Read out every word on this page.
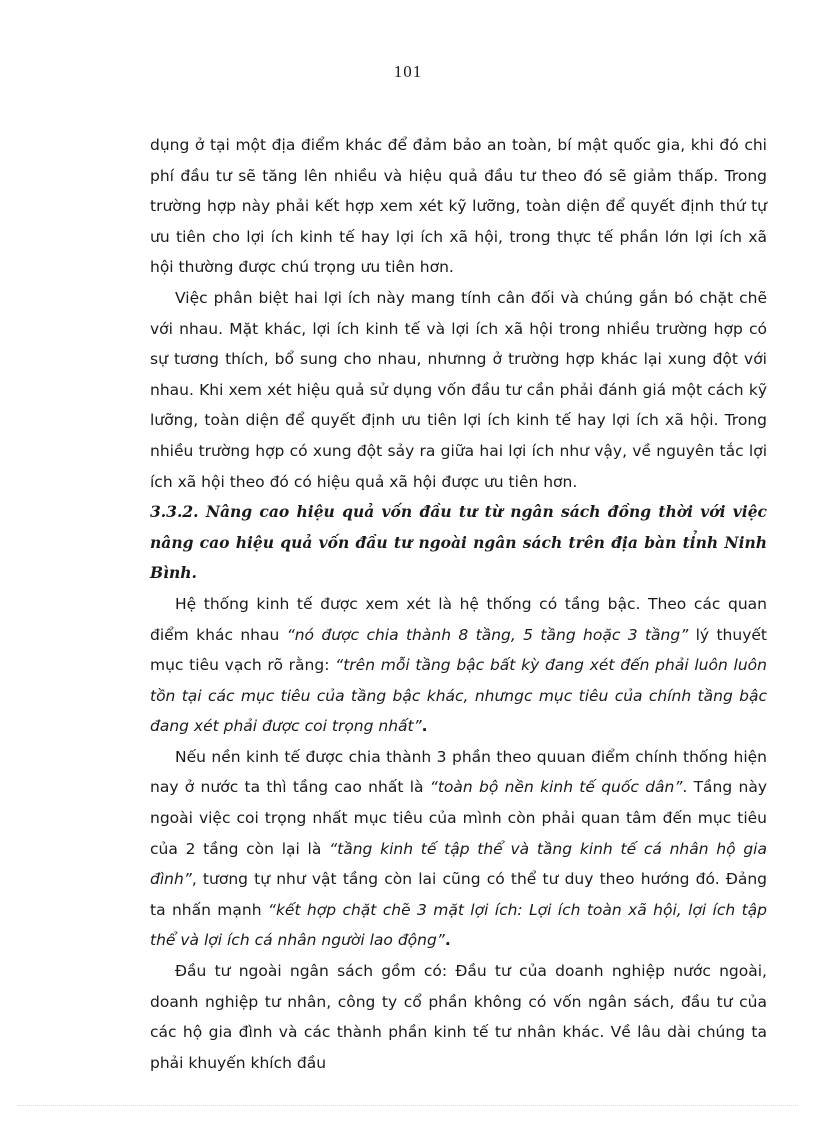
101

dụng ở tại một địa điểm khác để đảm bảo an toàn, bí mật quốc gia, khi đó chi phí đầu tư sẽ tăng lên nhiều và hiệu quả đầu tư theo đó sẽ giảm thấp. Trong trường hợp này phải kết hợp xem xét kỹ lưỡng, toàn diện để quyết định thứ tự ưu tiên cho lợi ích kinh tế hay lợi ích xã hội, trong thực tế phần lớn lợi ích xã hội thường được chú trọng ưu tiên hơn.

Việc phân biệt hai lợi ích này mang tính cân đối và chúng gắn bó chặt chẽ với nhau. Mặt khác, lợi ích kinh tế và lợi ích xã hội trong nhiều trường hợp có sự tương thích, bổ sung cho nhau, nhưnng ở trường hợp khác lại xung đột với nhau. Khi xem xét hiệu quả sử dụng vốn đầu tư cần phải đánh giá một cách kỹ lưỡng, toàn diện để quyết định ưu tiên lợi ích kinh tế hay lợi ích xã hội. Trong nhiều trường hợp có xung đột sảy ra giữa hai lợi ích như vậy, về nguyên tắc lợi ích xã hội theo đó có hiệu quả xã hội được ưu tiên hơn.

3.3.2. Nâng cao hiệu quả vốn đầu tư từ ngân sách đồng thời với việc nâng cao hiệu quả vốn đầu tư ngoài ngân sách trên địa bàn tỉnh Ninh Bình.

Hệ thống kinh tế được xem xét là hệ thống có tầng bậc. Theo các quan điểm khác nhau “nó được chia thành 8 tầng, 5 tầng hoặc 3 tầng” lý thuyết mục tiêu vạch rõ rằng: “trên mỗi tầng bậc bất kỳ đang xét đến phải luôn luôn tồn tại các mục tiêu của tầng bậc khác, nhưngc mục tiêu của chính tầng bậc đang xét phải được coi trọng nhất”.

Nếu nền kinh tế được chia thành 3 phần theo quuan điểm chính thống hiện nay ở nước ta thì tầng cao nhất là “toàn bộ nền kinh tế quốc dân”. Tầng này ngoài việc coi trọng nhất mục tiêu của mình còn phải quan tâm đến mục tiêu của 2 tầng còn lại là “tầng kinh tế tập thể và tầng kinh tế cá nhân hộ gia đình”, tương tự như vật tầng còn lai cũng có thể tư duy theo hướng đó. Đảng ta nhấn mạnh “kết hợp chặt chẽ 3 mặt lợi ích: Lợi ích toàn xã hội, lợi ích tập thể và lợi ích cá nhân người lao động”.

Đầu tư ngoài ngân sách gồm có: Đầu tư của doanh nghiệp nước ngoài, doanh nghiệp tư nhân, công ty cổ phần không có vốn ngân sách, đầu tư của các hộ gia đình và các thành phần kinh tế tư nhân khác. Về lâu dài chúng ta phải khuyến khích đầu
